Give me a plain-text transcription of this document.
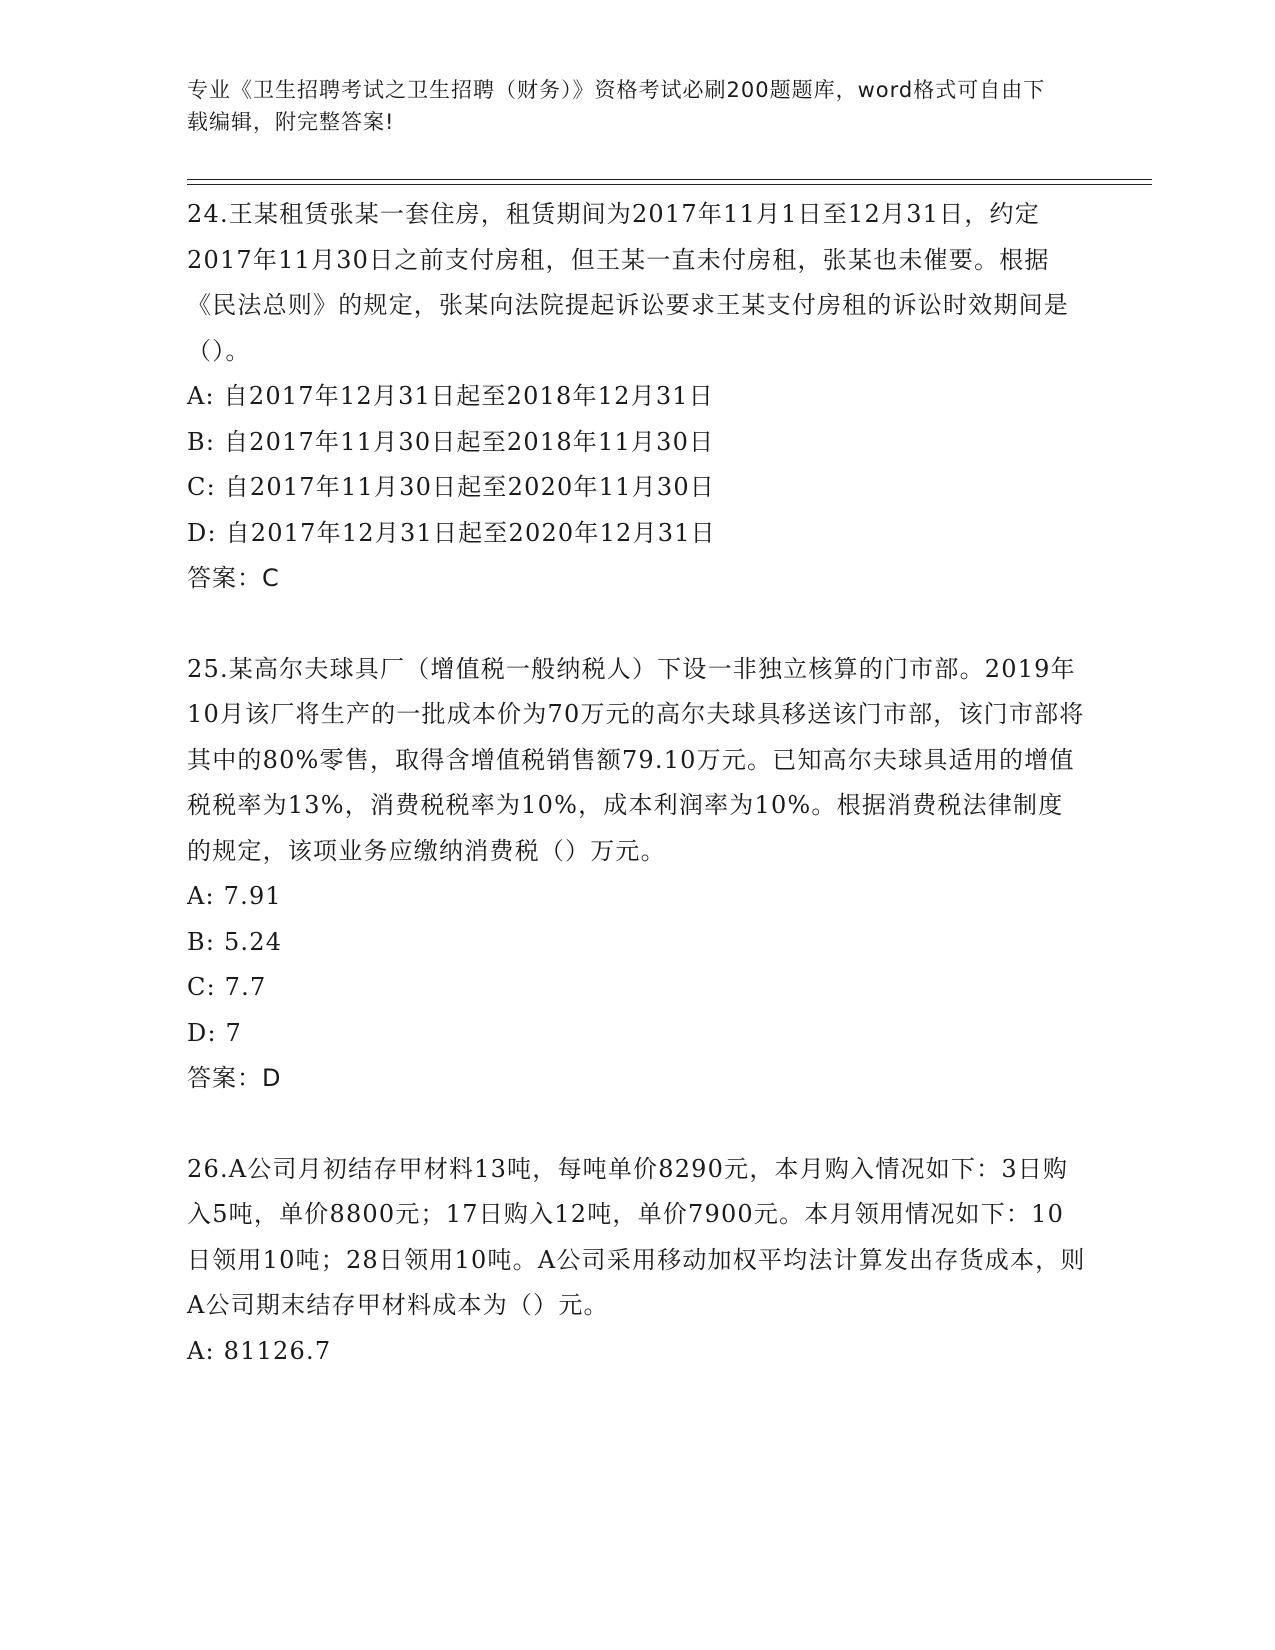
专业《卫生招聘考试之卫生招聘（财务）》资格考试必刷200题题库，word格式可自由下载编辑，附完整答案!

24.王某租赁张某一套住房，租赁期间为2017年11月1日至12月31日，约定2017年11月30日之前支付房租，但王某一直未付房租，张某也未催要。根据《民法总则》的规定，张某向法院提起诉讼要求王某支付房租的诉讼时效期间是（）。

A: 自2017年12月31日起至2018年12月31日

B: 自2017年11月30日起至2018年11月30日

C: 自2017年11月30日起至2020年11月30日

D: 自2017年12月31日起至2020年12月31日

答案：C

25.某高尔夫球具厂（增值税一般纳税人）下设一非独立核算的门市部。2019年10月该厂将生产的一批成本价为70万元的高尔夫球具移送该门市部，该门市部将其中的80%零售，取得含增值税销售额79.10万元。已知高尔夫球具适用的增值税税率为13%，消费税税率为10%，成本利润率为10%。根据消费税法律制度的规定，该项业务应缴纳消费税（）万元。

A: 7.91

B: 5.24

C: 7.7

D: 7

答案：D

26.A公司月初结存甲材料13吨，每吨单价8290元，本月购入情况如下：3日购入5吨，单价8800元；17日购入12吨，单价7900元。本月领用情况如下：10日领用10吨；28日领用10吨。A公司采用移动加权平均法计算发出存货成本，则A公司期末结存甲材料成本为（）元。

A: 81126.7
